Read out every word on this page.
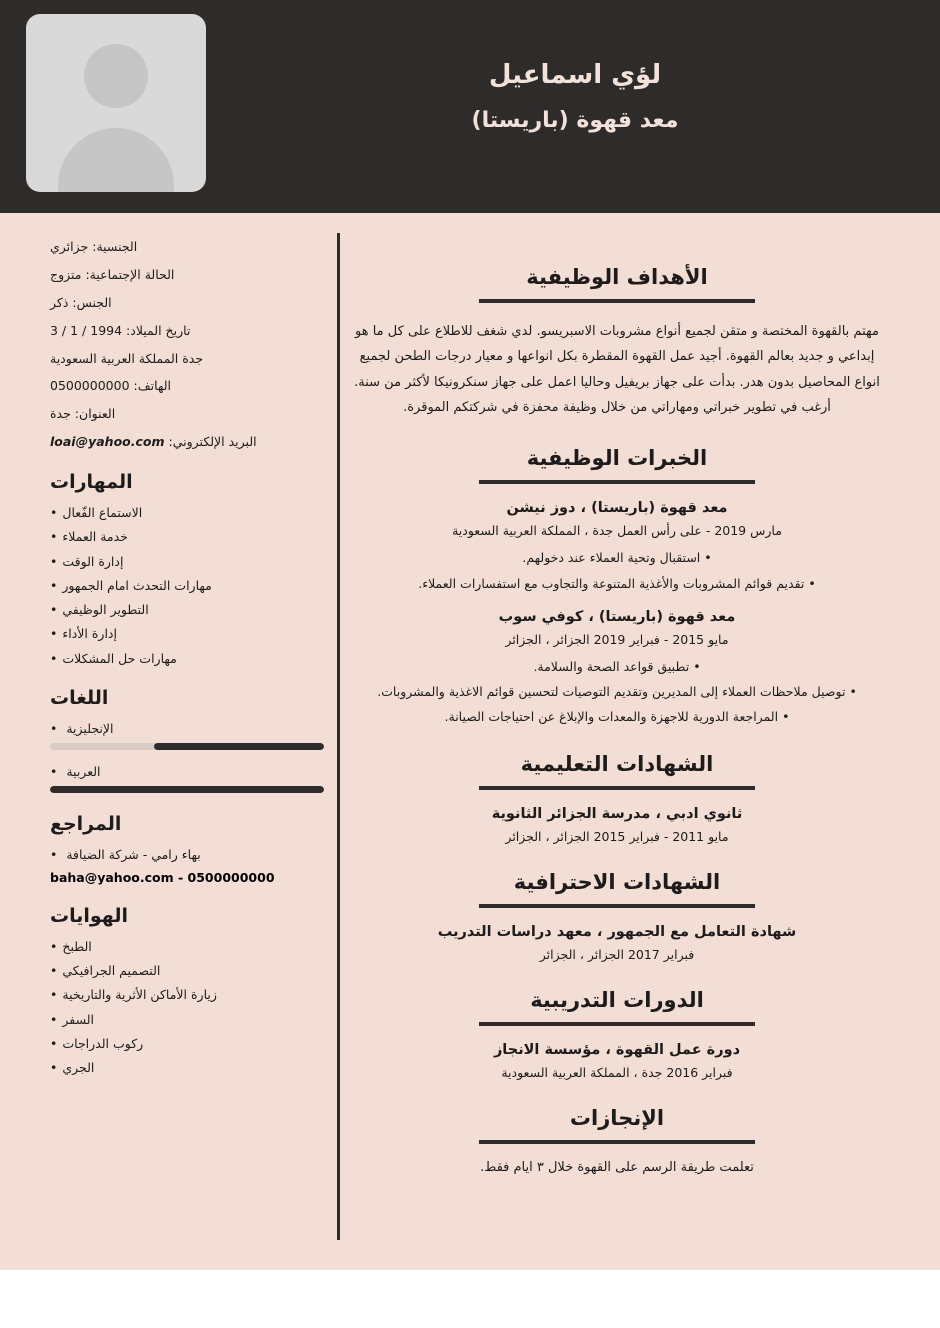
لؤي اسماعيل
معد قهوة (باريستا)
الأهداف الوظيفية
مهتم بالقهوة المختصة و متقن لجميع أنواع مشروبات الاسبريسو. لدي شغف للاطلاع على كل ما هو إبداعي و جديد بعالم القهوة. أجيد عمل القهوة المقطرة بكل انواعها و معيار درجات الطحن لجميع انواع المحاصيل بدون هدر. بدأت على جهاز بريفيل وحاليا اعمل على جهاز سنكرونيكا لأكثر من سنة. أرغب في تطوير خبراتي ومهاراتي من خلال وظيفة محفزة في شركتكم الموقرة.
الخبرات الوظيفية
معد قهوة (باريستا) ، دوز نيشن
مارس 2019 - على رأس العمل جدة ، المملكة العربية السعودية
•استقبال وتحية العملاء عند دخولهم.
•تقديم قوائم المشروبات والأغذية المتنوعة والتجاوب مع استفسارات العملاء.
معد قهوة (باريستا) ، كوفي سوب
مايو 2015 - فبراير 2019 الجزائر ، الجزائر
•تطبيق قواعد الصحة والسلامة.
•توصيل ملاحظات العملاء إلى المديرين وتقديم التوصيات لتحسين قوائم الاغذية والمشروبات.
•المراجعة الدورية للاجهزة والمعدات والإبلاغ عن احتياجات الصيانة.
الشهادات التعليمية
ثانوي ادبي ، مدرسة الجزائر الثانوية
مايو 2011 - فبراير 2015 الجزائر ، الجزائر
الشهادات الاحترافية
شهادة التعامل مع الجمهور ، معهد دراسات التدريب
فبراير 2017 الجزائر ، الجزائر
الدورات التدريبية
دورة عمل القهوة ، مؤسسة الانجاز
فبراير 2016 جدة ، المملكة العربية السعودية
الإنجازات
تعلمت طريقة الرسم على القهوة خلال ٣ ايام فقط.
الجنسية: جزائري
الحالة الإجتماعية: متزوج
الجنس: ذكر
تاريخ الميلاد: 1994 / 1 / 3
جدة المملكة العربية السعودية
الهاتف: 0500000000
العنوان: جدة
البريد الإلكتروني: loai@yahoo.com
المهارات
الاستماع الفّعال•
خدمة العملاء•
إدارة الوقت•
مهارات التحدث امام الجمهور•
التطوير الوظيفي•
إدارة الأداء•
مهارات حل المشكلات•
اللغات
الإنجليزية •
العربية •
المراجع
بهاء رامي - شركة الضيافة •
baha@yahoo.com - 0500000000
الهوايات
الطبخ•
التصميم الجرافيكي•
زيارة الأماكن الأثرية والتاريخية•
السفر•
ركوب الدراجات•
الجري•
